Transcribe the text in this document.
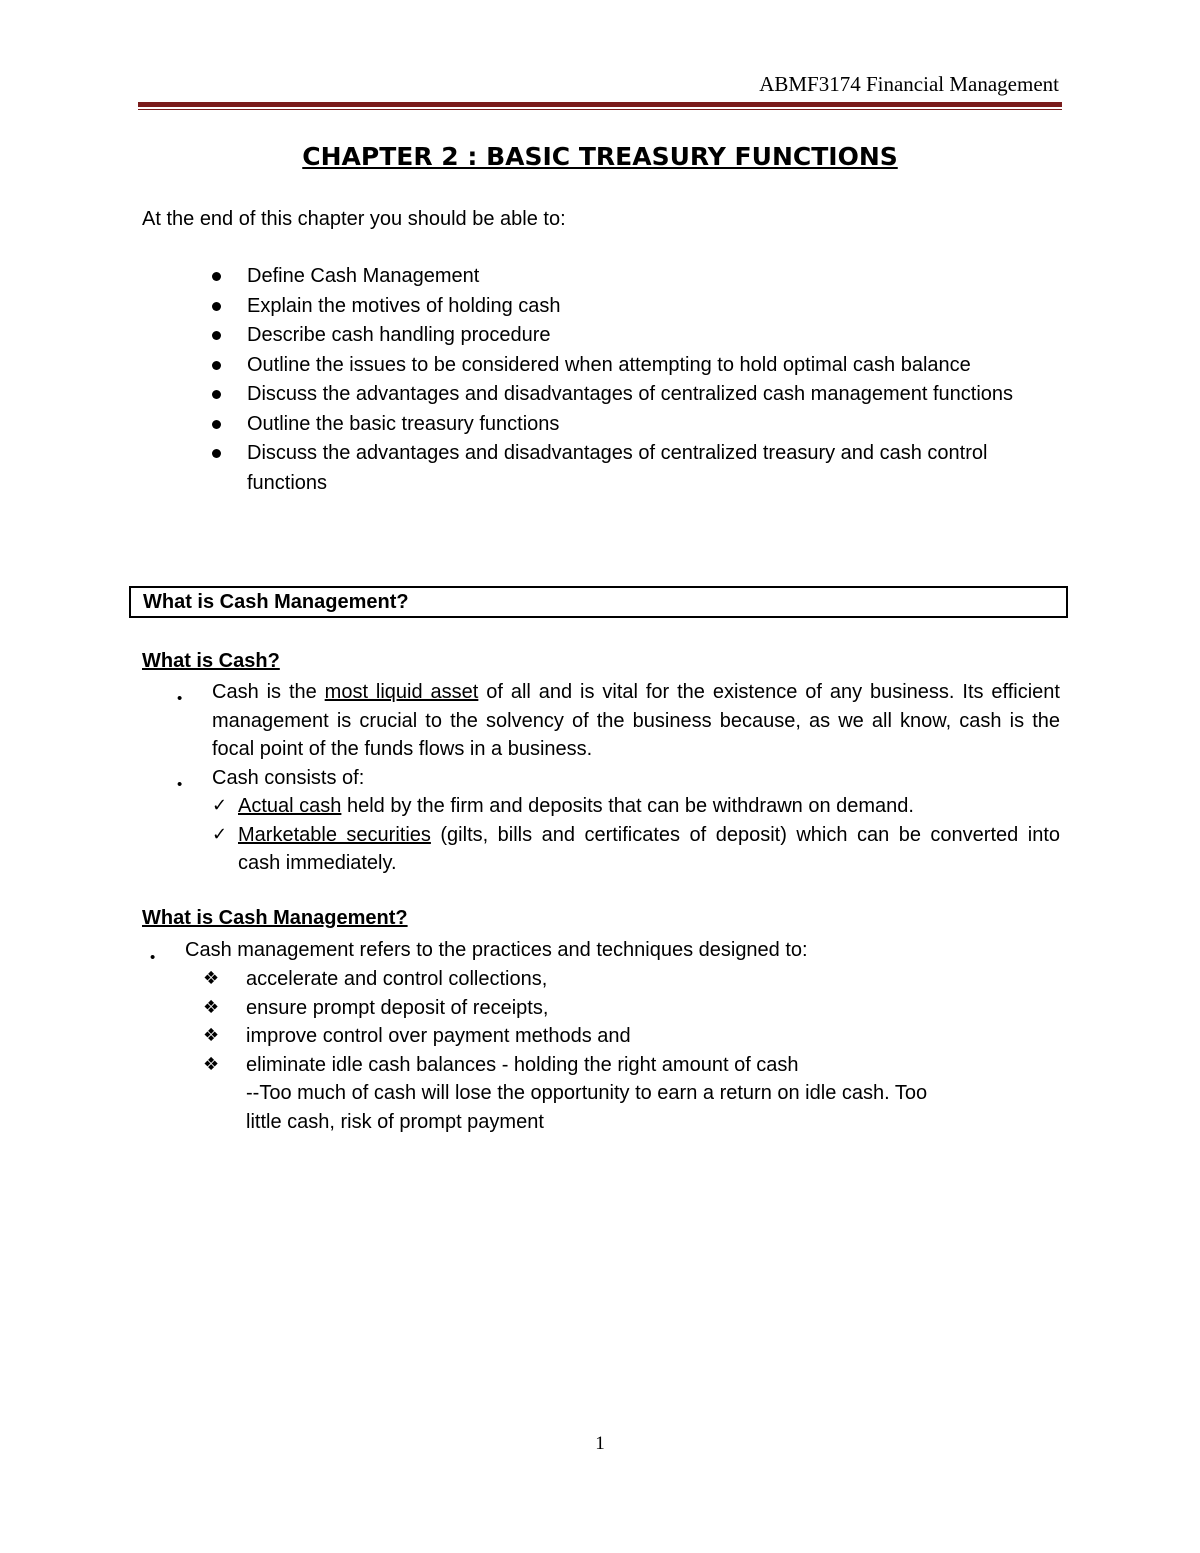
ABMF3174 Financial Management
CHAPTER 2 : BASIC TREASURY FUNCTIONS
At the end of this chapter you should be able to:
Define Cash Management
Explain the motives of holding cash
Describe cash handling procedure
Outline the issues to be considered when attempting to hold optimal cash balance
Discuss the advantages and disadvantages of centralized cash management functions
Outline the basic treasury functions
Discuss the advantages and disadvantages of centralized treasury and cash control functions
What is Cash Management?
What is Cash?
• Cash is the most liquid asset of all and is vital for the existence of any business. Its efficient management is crucial to the solvency of the business because, as we all know, cash is the focal point of the funds flows in a business.
• Cash consists of:
✓ Actual cash held by the firm and deposits that can be withdrawn on demand.
✓ Marketable securities (gilts, bills and certificates of deposit) which can be converted into cash immediately.
What is Cash Management?
• Cash management refers to the practices and techniques designed to:
❖ accelerate and control collections,
❖ ensure prompt deposit of receipts,
❖ improve control over payment methods and
❖ eliminate idle cash balances - holding the right amount of cash
--Too much of cash will lose the opportunity to earn a return on idle cash. Too
little cash, risk of prompt payment
1
